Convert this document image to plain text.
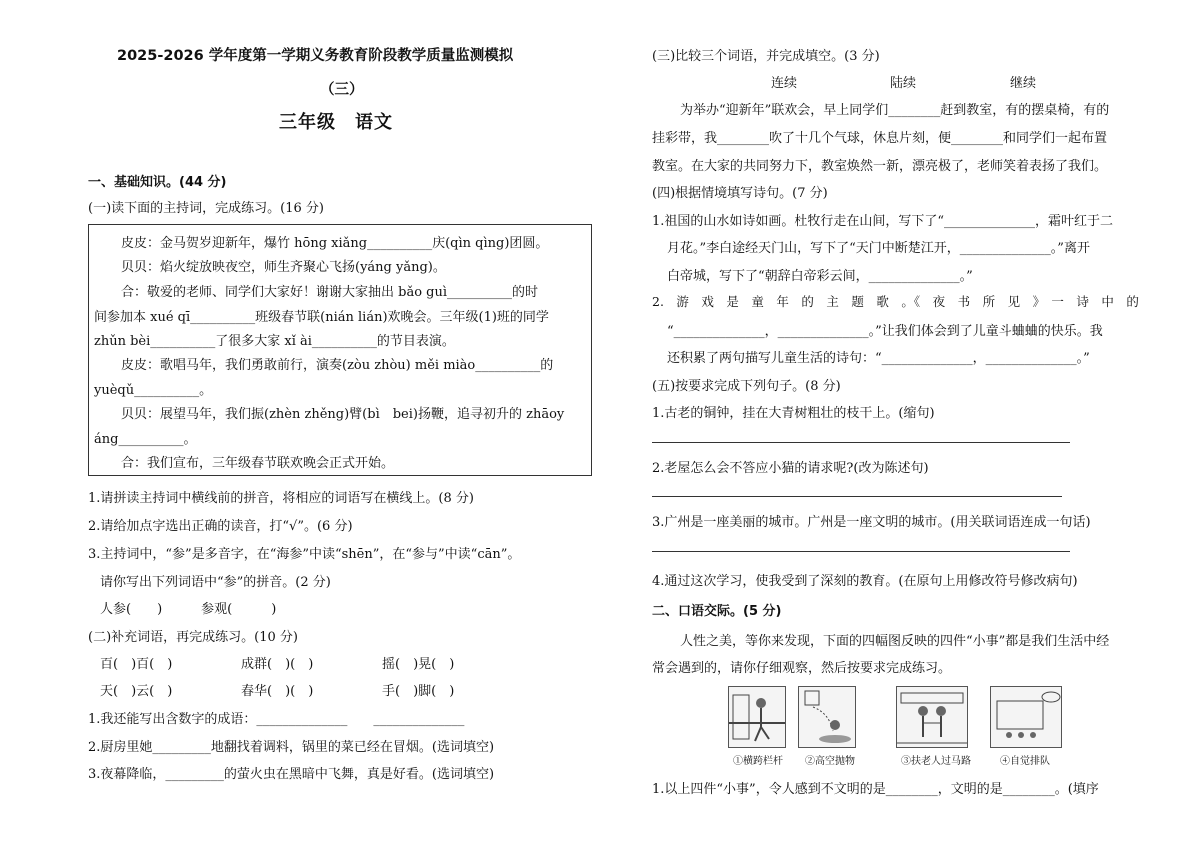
2025-2026 学年度第一学期义务教育阶段教学质量监测模拟
（三）
三年级　语文
一、基础知识。(44 分)
(一)读下面的主持词，完成练习。(16 分)
皮皮：金马贺岁迎新年，爆竹 hōng xiǎng__________庆(qìn qìng)团圆。
贝贝：焰火绽放映夜空，师生齐聚心飞扬(yáng yǎng)。
合：敬爱的老师、同学们大家好！谢谢大家抽出 bǎo guì__________的时
间参加本 xué qī__________班级春节联(nián lián)欢晚会。三年级(1)班的同学
zhǔn bèi__________了很多大家 xǐ ài__________的节目表演。
皮皮：歌唱马年，我们勇敢前行，演奏(zòu zhòu) měi miào__________的
yuèqǔ__________。
贝贝：展望马年，我们振(zhèn zhěng)臂(bì　bei)扬鞭，追寻初升的 zhāoy
áng__________。
合：我们宣布，三年级春节联欢晚会正式开始。
1.请拼读主持词中横线前的拼音，将相应的词语写在横线上。(8 分)
2.请给加点字选出正确的读音，打“√”。(6 分)
3.主持词中，“参”是多音字，在“海参”中读“shēn”，在“参与”中读“cān”。
请你写出下列词语中“参”的拼音。(2 分)
人参(　　)　　　参观(　　　)
(二)补充词语，再完成练习。(10 分)
百(　)百(　)	成群(　)(　)	摇(　)晃(　)
天(　)云(　)	春华(　)(　)	手(　)脚(　)
1.我还能写出含数字的成语：______________　　______________
2.厨房里她_________地翻找着调料，锅里的菜已经在冒烟。(选词填空)
3.夜幕降临，_________的萤火虫在黑暗中飞舞，真是好看。(选词填空)
(三)比较三个词语，并完成填空。(3 分)
连续	陆续	继续
为举办“迎新年”联欢会，早上同学们________赶到教室，有的摆桌椅，有的
挂彩带，我________吹了十几个气球，休息片刻，便________和同学们一起布置
教室。在大家的共同努力下，教室焕然一新，漂亮极了，老师笑着表扬了我们。
(四)根据情境填写诗句。(7 分)
1.祖国的山水如诗如画。杜牧行走在山间，写下了“______________，霜叶红于二
月花。”李白途经天门山，写下了“天门中断楚江开，______________。”离开
白帝城，写下了“朝辞白帝彩云间，______________。”
2.　游　戏　是　童　年　的　主　题　歌　。《　夜　书　所　见　》　一　诗　中　的
“______________，______________。”让我们体会到了儿童斗蛐蛐的快乐。我
还积累了两句描写儿童生活的诗句：“______________，______________。”
(五)按要求完成下列句子。(8 分)
1.古老的铜钟，挂在大青树粗壮的枝干上。(缩句)
2.老屋怎么会不答应小猫的请求呢?(改为陈述句)
3.广州是一座美丽的城市。广州是一座文明的城市。(用关联词语连成一句话)
4.通过这次学习，使我受到了深刻的教育。(在原句上用修改符号修改病句)
二、口语交际。(5 分)
人性之美，等你来发现，下面的四幅图反映的四件“小事”都是我们生活中经
常会遇到的，请你仔细观察，然后按要求完成练习。
①横跨栏杆 ②高空抛物	③扶老人过马路	④自觉排队
1.以上四件“小事”，令人感到不文明的是________，文明的是________。(填序
